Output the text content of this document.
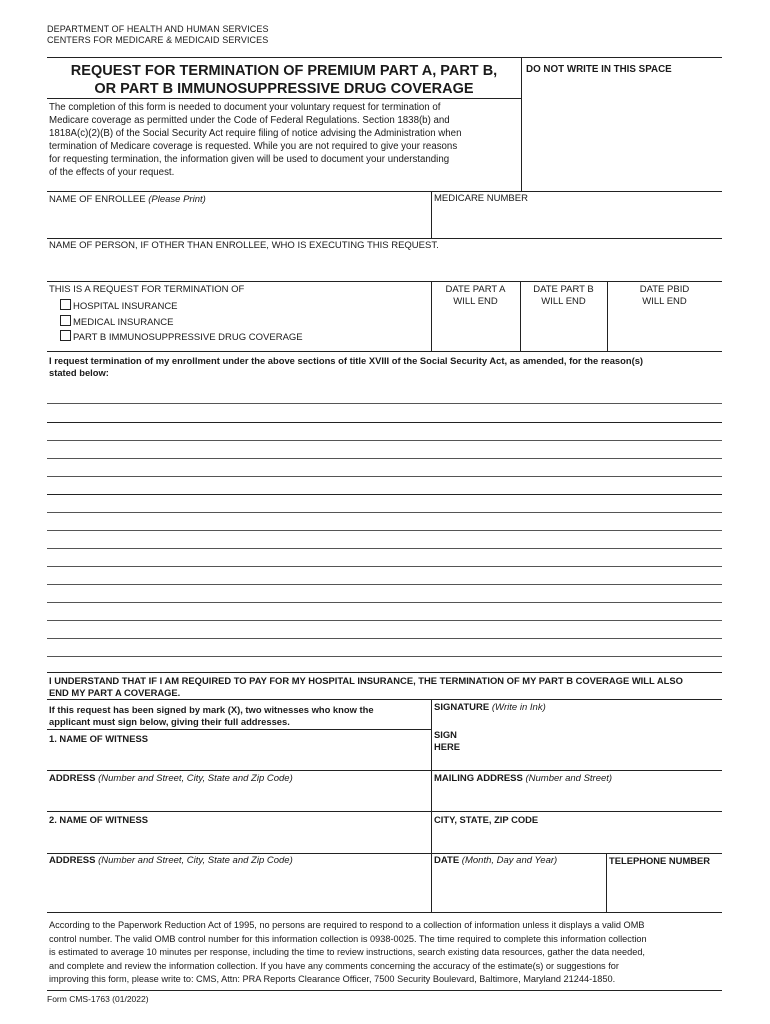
DEPARTMENT OF HEALTH AND HUMAN SERVICES
CENTERS FOR MEDICARE & MEDICAID SERVICES
REQUEST FOR TERMINATION OF PREMIUM PART A, PART B,
OR PART B IMMUNOSUPPRESSIVE DRUG COVERAGE
DO NOT WRITE IN THIS SPACE
The completion of this form is needed to document your voluntary request for termination of
Medicare coverage as permitted under the Code of Federal Regulations. Section 1838(b) and
1818A(c)(2)(B) of the Social Security Act require filing of notice advising the Administration when
termination of Medicare coverage is requested. While you are not required to give your reasons
for requesting termination, the information given will be used to document your understanding
of the effects of your request.
NAME OF ENROLLEE (Please Print)	MEDICARE NUMBER
NAME OF PERSON, IF OTHER THAN ENROLLEE, WHO IS EXECUTING THIS REQUEST.
THIS IS A REQUEST FOR TERMINATION OF
HOSPITAL INSURANCE
MEDICAL INSURANCE
PART B IMMUNOSUPPRESSIVE DRUG COVERAGE
DATE PART A
WILL END
DATE PART B
WILL END
DATE PBID
WILL END
I request termination of my enrollment under the above sections of title XVIII of the Social Security Act, as amended, for the reason(s)
stated below:
I UNDERSTAND THAT IF I AM REQUIRED TO PAY FOR MY HOSPITAL INSURANCE, THE TERMINATION OF MY PART B COVERAGE WILL ALSO
END MY PART A COVERAGE.
If this request has been signed by mark (X), two witnesses who know the
applicant must sign below, giving their full addresses.
1. NAME OF WITNESS
SIGNATURE (Write in Ink)
SIGN
HERE
ADDRESS (Number and Street, City, State and Zip Code)	MAILING ADDRESS (Number and Street)
2. NAME OF WITNESS	CITY, STATE, ZIP CODE
ADDRESS (Number and Street, City, State and Zip Code)	DATE (Month, Day and Year)	TELEPHONE NUMBER
According to the Paperwork Reduction Act of 1995, no persons are required to respond to a collection of information unless it displays a valid OMB
control number. The valid OMB control number for this information collection is 0938-0025. The time required to complete this information collection
is estimated to average 10 minutes per response, including the time to review instructions, search existing data resources, gather the data needed,
and complete and review the information collection. If you have any comments concerning the accuracy of the estimate(s) or suggestions for
improving this form, please write to: CMS, Attn: PRA Reports Clearance Officer, 7500 Security Boulevard, Baltimore, Maryland 21244-1850.
Form CMS-1763 (01/2022)
